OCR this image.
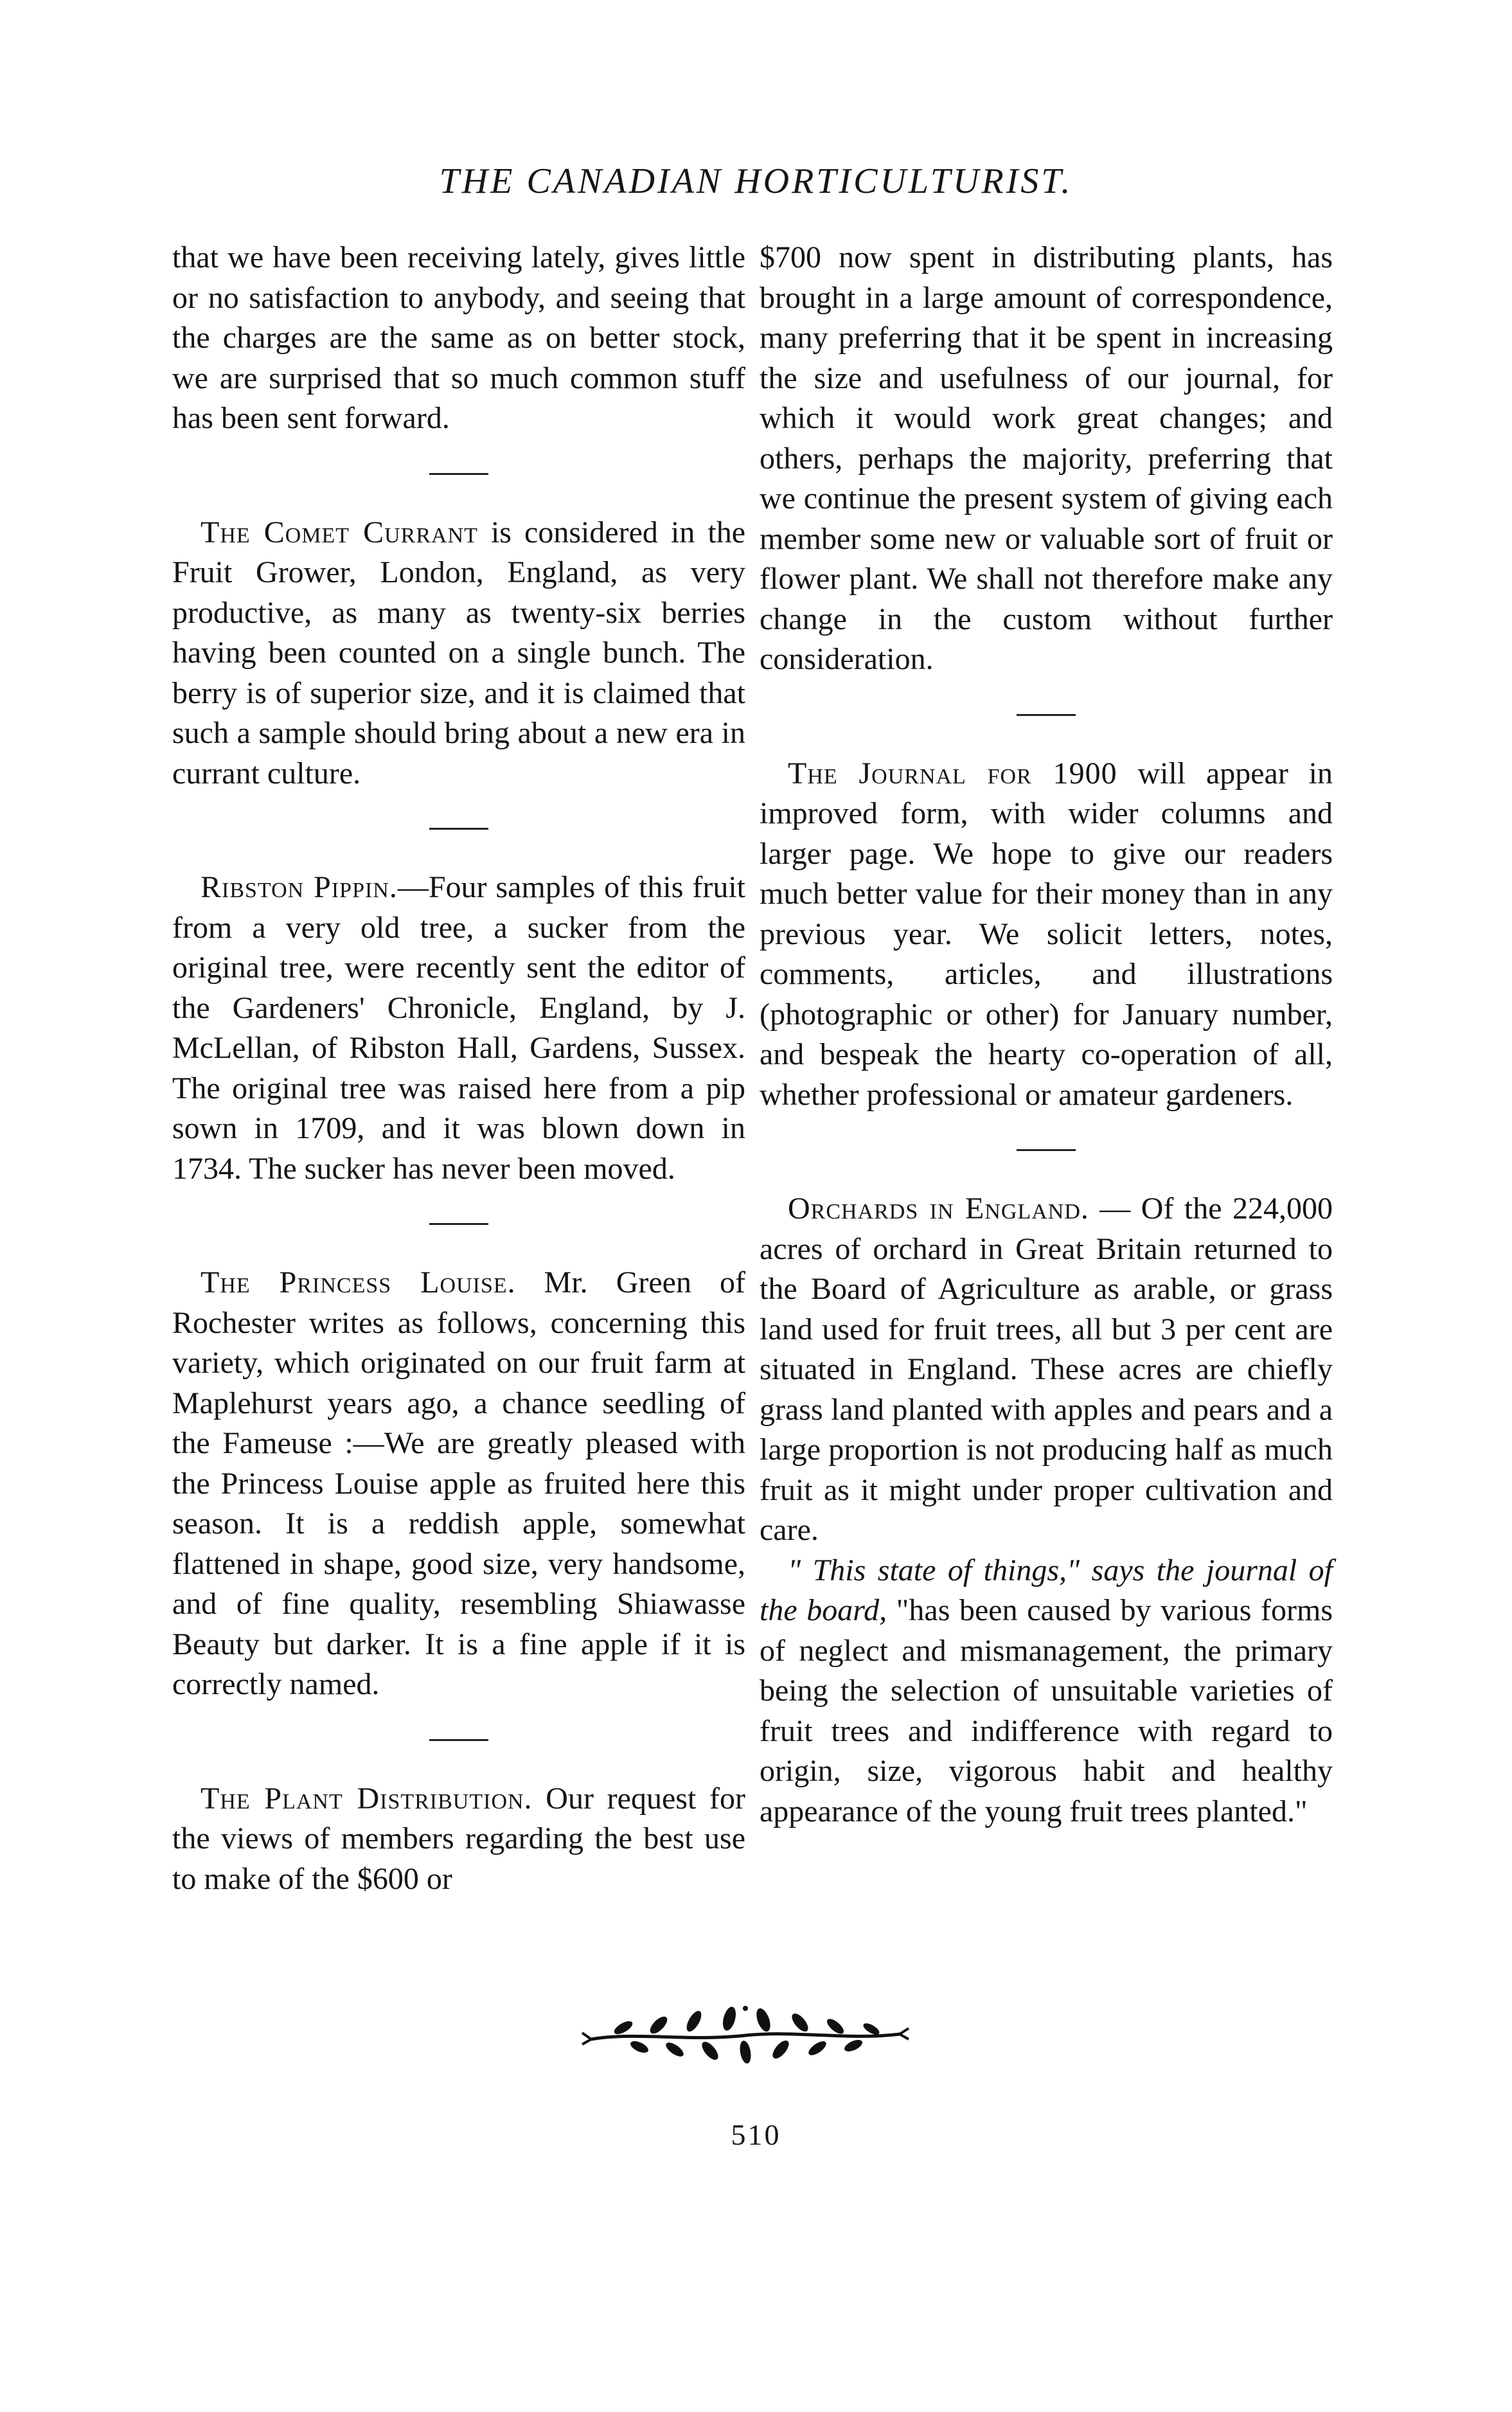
THE CANADIAN HORTICULTURIST.

that we have been receiving lately, gives little or no satisfaction to anybody, and seeing that the charges are the same as on better stock, we are surprised that so much common stuff has been sent forward.

The Comet Currant is considered in the Fruit Grower, London, England, as very productive, as many as twenty-six berries having been counted on a single bunch. The berry is of superior size, and it is claimed that such a sample should bring about a new era in currant culture.

Ribston Pippin.—Four samples of this fruit from a very old tree, a sucker from the original tree, were recently sent the editor of the Gardeners' Chronicle, England, by J. McLellan, of Ribston Hall, Gardens, Sussex. The original tree was raised here from a pip sown in 1709, and it was blown down in 1734. The sucker has never been moved.

The Princess Louise. Mr. Green of Rochester writes as follows, concerning this variety, which originated on our fruit farm at Maplehurst years ago, a chance seedling of the Fameuse :—We are greatly pleased with the Princess Louise apple as fruited here this season. It is a reddish apple, somewhat flattened in shape, good size, very handsome, and of fine quality, resembling Shiawasse Beauty but darker. It is a fine apple if it is correctly named.

The Plant Distribution. Our request for the views of members regarding the best use to make of the $600 or

$700 now spent in distributing plants, has brought in a large amount of correspondence, many preferring that it be spent in increasing the size and usefulness of our journal, for which it would work great changes; and others, perhaps the majority, preferring that we continue the present system of giving each member some new or valuable sort of fruit or flower plant. We shall not therefore make any change in the custom without further consideration.

The Journal for 1900 will appear in improved form, with wider columns and larger page. We hope to give our readers much better value for their money than in any previous year. We solicit letters, notes, comments, articles, and illustrations (photographic or other) for January number, and bespeak the hearty co-operation of all, whether professional or amateur gardeners.

Orchards in England. — Of the 224,000 acres of orchard in Great Britain returned to the Board of Agriculture as arable, or grass land used for fruit trees, all but 3 per cent are situated in England. These acres are chiefly grass land planted with apples and pears and a large proportion is not producing half as much fruit as it might under proper cultivation and care.

" This state of things," says the journal of the board, "has been caused by various forms of neglect and mismanagement, the primary being the selection of unsuitable varieties of fruit trees and indifference with regard to origin, size, vigorous habit and healthy appearance of the young fruit trees planted."

510
